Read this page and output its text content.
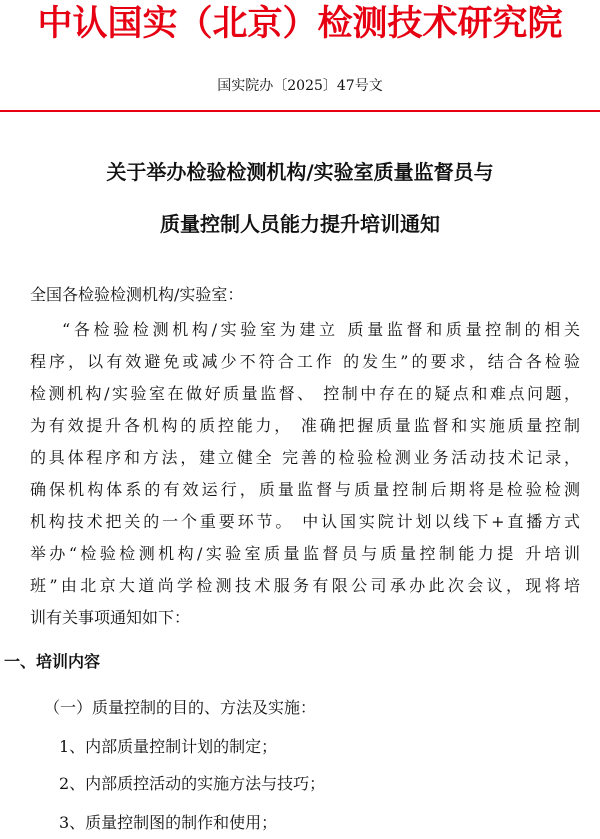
中认国实（北京）检测技术研究院
国实院办〔2025〕47号文
关于举办检验检测机构/实验室质量监督员与
质量控制人员能力提升培训通知
全国各检验检测机构/实验室：
“各检验检测机构/实验室为建立 质量监督和质量控制的相关
程序，以有效避免或减少不符合工作 的发生”的要求，结合各检验
检测机构/实验室在做好质量监督、 控制中存在的疑点和难点问题，
为有效提升各机构的质控能力， 准确把握质量监督和实施质量控制
的具体程序和方法，建立健全 完善的检验检测业务活动技术记录，
确保机构体系的有效运行，质量监督与质量控制后期将是检验检测
机构技术把关的一个重要环节。 中认国实院计划以线下+直播方式
举办“检验检测机构/实验室质量监督员与质量控制能力提 升培训
班”由北京大道尚学检测技术服务有限公司承办此次会议，现将培
训有关事项通知如下：
一、培训内容
（一）质量控制的目的、方法及实施：
1、内部质量控制计划的制定；
2、内部质控活动的实施方法与技巧；
3、质量控制图的制作和使用；
